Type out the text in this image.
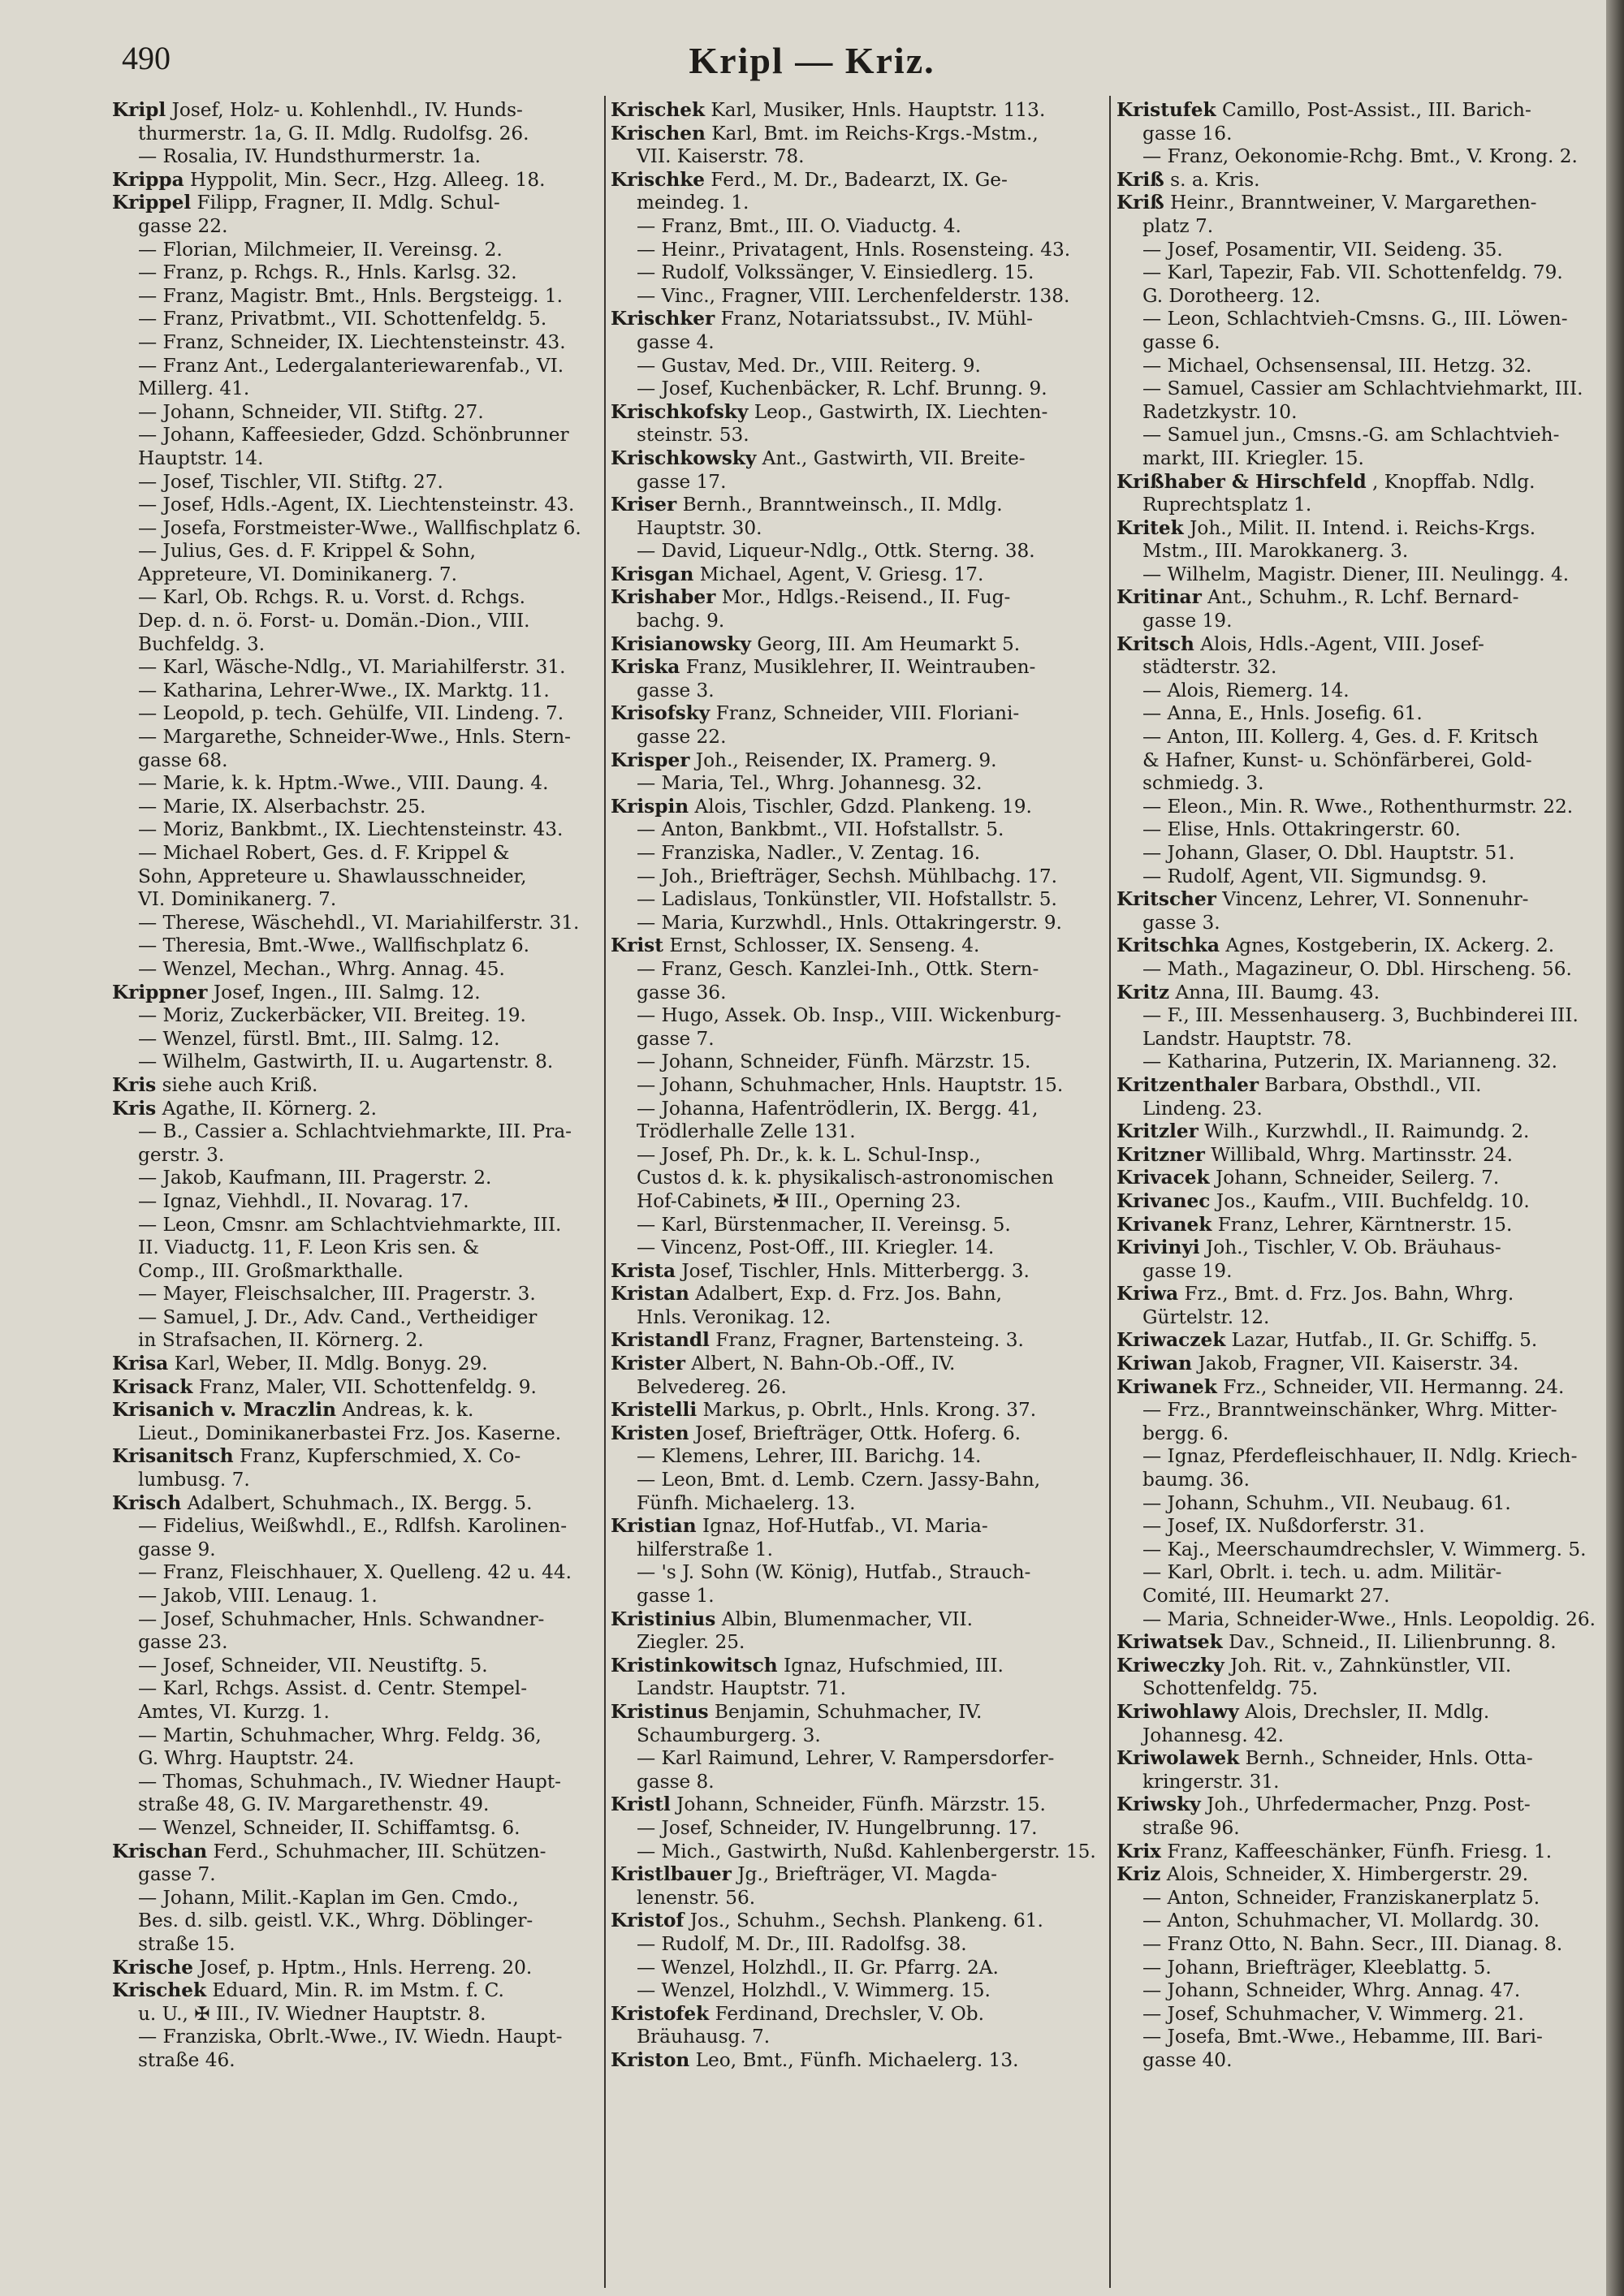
490	Kripl — Kriz.
Kripl Josef, Holz- u. Kohlenhdl., IV. Hunds-
thurmerstr. 1a, G. II. Mdlg. Rudolfsg. 26.
— Rosalia, IV. Hundsthurmerstr. 1a.
Krippa Hyppolit, Min. Secr., Hzg. Alleeg. 18.
Krippel Filipp, Fragner, II. Mdlg. Schul-
gasse 22.
— Florian, Milchmeier, II. Vereinsg. 2.
— Franz, p. Rchgs. R., Hnls. Karlsg. 32.
— Franz, Magistr. Bmt., Hnls. Bergsteigg. 1.
— Franz, Privatbmt., VII. Schottenfeldg. 5.
— Franz, Schneider, IX. Liechtensteinstr. 43.
— Franz Ant., Ledergalanteriewarenfab., VI.
Millerg. 41.
— Johann, Schneider, VII. Stiftg. 27.
— Johann, Kaffeesieder, Gdzd. Schönbrunner
Hauptstr. 14.
— Josef, Tischler, VII. Stiftg. 27.
— Josef, Hdls.-Agent, IX. Liechtensteinstr. 43.
— Josefa, Forstmeister-Wwe., Wallfischplatz 6.
— Julius, Ges. d. F. Krippel & Sohn,
Appreteure, VI. Dominikanerg. 7.
— Karl, Ob. Rchgs. R. u. Vorst. d. Rchgs.
Dep. d. n. ö. Forst- u. Domän.-Dion., VIII.
Buchfeldg. 3.
— Karl, Wäsche-Ndlg., VI. Mariahilferstr. 31.
— Katharina, Lehrer-Wwe., IX. Marktg. 11.
— Leopold, p. tech. Gehülfe, VII. Lindeng. 7.
— Margarethe, Schneider-Wwe., Hnls. Stern-
gasse 68.
— Marie, k. k. Hptm.-Wwe., VIII. Daung. 4.
— Marie, IX. Alserbachstr. 25.
— Moriz, Bankbmt., IX. Liechtensteinstr. 43.
— Michael Robert, Ges. d. F. Krippel &
Sohn, Appreteure u. Shawlausschneider,
VI. Dominikanerg. 7.
— Therese, Wäschehdl., VI. Mariahilferstr. 31.
— Theresia, Bmt.-Wwe., Wallfischplatz 6.
— Wenzel, Mechan., Whrg. Annag. 45.
Krippner Josef, Ingen., III. Salmg. 12.
— Moriz, Zuckerbäcker, VII. Breiteg. 19.
— Wenzel, fürstl. Bmt., III. Salmg. 12.
— Wilhelm, Gastwirth, II. u. Augartenstr. 8.
Kris siehe auch Kriß.
Kris Agathe, II. Körnerg. 2.
— B., Cassier a. Schlachtviehmarkte, III. Pra-
gerstr. 3.
— Jakob, Kaufmann, III. Pragerstr. 2.
— Ignaz, Viehhdl., II. Novarag. 17.
— Leon, Cmsnr. am Schlachtviehmarkte, III.
II. Viaductg. 11, F. Leon Kris sen. &
Comp., III. Großmarkthalle.
— Mayer, Fleischsalcher, III. Pragerstr. 3.
— Samuel, J. Dr., Adv. Cand., Vertheidiger
in Strafsachen, II. Körnerg. 2.
Krisa Karl, Weber, II. Mdlg. Bonyg. 29.
Krisack Franz, Maler, VII. Schottenfeldg. 9.
Krisanich v. Mraczlin Andreas, k. k.
Lieut., Dominikanerbastei Frz. Jos. Kaserne.
Krisanitsch Franz, Kupferschmied, X. Co-
lumbusg. 7.
Krisch Adalbert, Schuhmach., IX. Bergg. 5.
— Fidelius, Weißwhdl., E., Rdlfsh. Karolinen-
gasse 9.
— Franz, Fleischhauer, X. Quelleng. 42 u. 44.
— Jakob, VIII. Lenaug. 1.
— Josef, Schuhmacher, Hnls. Schwandner-
gasse 23.
— Josef, Schneider, VII. Neustiftg. 5.
— Karl, Rchgs. Assist. d. Centr. Stempel-
Amtes, VI. Kurzg. 1.
— Martin, Schuhmacher, Whrg. Feldg. 36,
G. Whrg. Hauptstr. 24.
— Thomas, Schuhmach., IV. Wiedner Haupt-
straße 48, G. IV. Margarethenstr. 49.
— Wenzel, Schneider, II. Schiffamtsg. 6.
Krischan Ferd., Schuhmacher, III. Schützen-
gasse 7.
— Johann, Milit.-Kaplan im Gen. Cmdo.,
Bes. d. silb. geistl. V.K., Whrg. Döblinger-
straße 15.
Krische Josef, p. Hptm., Hnls. Herreng. 20.
Krischek Eduard, Min. R. im Mstm. f. C.
u. U., ✠ III., IV. Wiedner Hauptstr. 8.
— Franziska, Obrlt.-Wwe., IV. Wiedn. Haupt-
straße 46.
Krischek Karl, Musiker, Hnls. Hauptstr. 113.
Krischen Karl, Bmt. im Reichs-Krgs.-Mstm.,
VII. Kaiserstr. 78.
Krischke Ferd., M. Dr., Badearzt, IX. Ge-
meindeg. 1.
— Franz, Bmt., III. O. Viaductg. 4.
— Heinr., Privatagent, Hnls. Rosensteing. 43.
— Rudolf, Volkssänger, V. Einsiedlerg. 15.
— Vinc., Fragner, VIII. Lerchenfelderstr. 138.
Krischker Franz, Notariatssubst., IV. Mühl-
gasse 4.
— Gustav, Med. Dr., VIII. Reiterg. 9.
— Josef, Kuchenbäcker, R. Lchf. Brunng. 9.
Krischkofsky Leop., Gastwirth, IX. Liechten-
steinstr. 53.
Krischkowsky Ant., Gastwirth, VII. Breite-
gasse 17.
Kriser Bernh., Branntweinsch., II. Mdlg.
Hauptstr. 30.
— David, Liqueur-Ndlg., Ottk. Sterng. 38.
Krisgan Michael, Agent, V. Griesg. 17.
Krishaber Mor., Hdlgs.-Reisend., II. Fug-
bachg. 9.
Krisianowsky Georg, III. Am Heumarkt 5.
Kriska Franz, Musiklehrer, II. Weintrauben-
gasse 3.
Krisofsky Franz, Schneider, VIII. Floriani-
gasse 22.
Krisper Joh., Reisender, IX. Pramerg. 9.
— Maria, Tel., Whrg. Johannesg. 32.
Krispin Alois, Tischler, Gdzd. Plankeng. 19.
— Anton, Bankbmt., VII. Hofstallstr. 5.
— Franziska, Nadler., V. Zentag. 16.
— Joh., Briefträger, Sechsh. Mühlbachg. 17.
— Ladislaus, Tonkünstler, VII. Hofstallstr. 5.
— Maria, Kurzwhdl., Hnls. Ottakringerstr. 9.
Krist Ernst, Schlosser, IX. Senseng. 4.
— Franz, Gesch. Kanzlei-Inh., Ottk. Stern-
gasse 36.
— Hugo, Assek. Ob. Insp., VIII. Wickenburg-
gasse 7.
— Johann, Schneider, Fünfh. Märzstr. 15.
— Johann, Schuhmacher, Hnls. Hauptstr. 15.
— Johanna, Hafentrödlerin, IX. Bergg. 41,
Trödlerhalle Zelle 131.
— Josef, Ph. Dr., k. k. L. Schul-Insp.,
Custos d. k. k. physikalisch-astronomischen
Hof-Cabinets, ✠ III., Operning 23.
— Karl, Bürstenmacher, II. Vereinsg. 5.
— Vincenz, Post-Off., III. Kriegler. 14.
Krista Josef, Tischler, Hnls. Mitterbergg. 3.
Kristan Adalbert, Exp. d. Frz. Jos. Bahn,
Hnls. Veronikag. 12.
Kristandl Franz, Fragner, Bartensteing. 3.
Krister Albert, N. Bahn-Ob.-Off., IV.
Belvedereg. 26.
Kristelli Markus, p. Obrlt., Hnls. Krong. 37.
Kristen Josef, Briefträger, Ottk. Hoferg. 6.
— Klemens, Lehrer, III. Barichg. 14.
— Leon, Bmt. d. Lemb. Czern. Jassy-Bahn,
Fünfh. Michaelerg. 13.
Kristian Ignaz, Hof-Hutfab., VI. Maria-
hilferstraße 1.
— 's J. Sohn (W. König), Hutfab., Strauch-
gasse 1.
Kristinius Albin, Blumenmacher, VII.
Ziegler. 25.
Kristinkowitsch Ignaz, Hufschmied, III.
Landstr. Hauptstr. 71.
Kristinus Benjamin, Schuhmacher, IV.
Schaumburgerg. 3.
— Karl Raimund, Lehrer, V. Rampersdorfer-
gasse 8.
Kristl Johann, Schneider, Fünfh. Märzstr. 15.
— Josef, Schneider, IV. Hungelbrunng. 17.
— Mich., Gastwirth, Nußd. Kahlenbergerstr. 15.
Kristlbauer Jg., Briefträger, VI. Magda-
lenenstr. 56.
Kristof Jos., Schuhm., Sechsh. Plankeng. 61.
— Rudolf, M. Dr., III. Radolfsg. 38.
— Wenzel, Holzhdl., II. Gr. Pfarrg. 2A.
— Wenzel, Holzhdl., V. Wimmerg. 15.
Kristofek Ferdinand, Drechsler, V. Ob.
Bräuhausg. 7.
Kriston Leo, Bmt., Fünfh. Michaelerg. 13.
Kristufek Camillo, Post-Assist., III. Barich-
gasse 16.
— Franz, Oekonomie-Rchg. Bmt., V. Krong. 2.
Kriß s. a. Kris.
Kriß Heinr., Branntweiner, V. Margarethen-
platz 7.
— Josef, Posamentir, VII. Seideng. 35.
— Karl, Tapezir, Fab. VII. Schottenfeldg. 79.
G. Dorotheerg. 12.
— Leon, Schlachtvieh-Cmsns. G., III. Löwen-
gasse 6.
— Michael, Ochsensensal, III. Hetzg. 32.
— Samuel, Cassier am Schlachtviehmarkt, III.
Radetzkystr. 10.
— Samuel jun., Cmsns.-G. am Schlachtvieh-
markt, III. Kriegler. 15.
Krißhaber & Hirschfeld , Knopffab. Ndlg.
Ruprechtsplatz 1.
Kritek Joh., Milit. II. Intend. i. Reichs-Krgs.
Mstm., III. Marokkanerg. 3.
— Wilhelm, Magistr. Diener, III. Neulingg. 4.
Kritinar Ant., Schuhm., R. Lchf. Bernard-
gasse 19.
Kritsch Alois, Hdls.-Agent, VIII. Josef-
städterstr. 32.
— Alois, Riemerg. 14.
— Anna, E., Hnls. Josefig. 61.
— Anton, III. Kollerg. 4, Ges. d. F. Kritsch
& Hafner, Kunst- u. Schönfärberei, Gold-
schmiedg. 3.
— Eleon., Min. R. Wwe., Rothenthurmstr. 22.
— Elise, Hnls. Ottakringerstr. 60.
— Johann, Glaser, O. Dbl. Hauptstr. 51.
— Rudolf, Agent, VII. Sigmundsg. 9.
Kritscher Vincenz, Lehrer, VI. Sonnenuhr-
gasse 3.
Kritschka Agnes, Kostgeberin, IX. Ackerg. 2.
— Math., Magazineur, O. Dbl. Hirscheng. 56.
Kritz Anna, III. Baumg. 43.
— F., III. Messenhauserg. 3, Buchbinderei III.
Landstr. Hauptstr. 78.
— Katharina, Putzerin, IX. Marianneng. 32.
Kritzenthaler Barbara, Obsthdl., VII.
Lindeng. 23.
Kritzler Wilh., Kurzwhdl., II. Raimundg. 2.
Kritzner Willibald, Whrg. Martinsstr. 24.
Krivacek Johann, Schneider, Seilerg. 7.
Krivanec Jos., Kaufm., VIII. Buchfeldg. 10.
Krivanek Franz, Lehrer, Kärntnerstr. 15.
Krivinyi Joh., Tischler, V. Ob. Bräuhaus-
gasse 19.
Kriwa Frz., Bmt. d. Frz. Jos. Bahn, Whrg.
Gürtelstr. 12.
Kriwaczek Lazar, Hutfab., II. Gr. Schiffg. 5.
Kriwan Jakob, Fragner, VII. Kaiserstr. 34.
Kriwanek Frz., Schneider, VII. Hermanng. 24.
— Frz., Branntweinschänker, Whrg. Mitter-
bergg. 6.
— Ignaz, Pferdefleischhauer, II. Ndlg. Kriech-
baumg. 36.
— Johann, Schuhm., VII. Neubaug. 61.
— Josef, IX. Nußdorferstr. 31.
— Kaj., Meerschaumdrechsler, V. Wimmerg. 5.
— Karl, Obrlt. i. tech. u. adm. Militär-
Comité, III. Heumarkt 27.
— Maria, Schneider-Wwe., Hnls. Leopoldig. 26.
Kriwatsek Dav., Schneid., II. Lilienbrunng. 8.
Kriweczky Joh. Rit. v., Zahnkünstler, VII.
Schottenfeldg. 75.
Kriwohlawy Alois, Drechsler, II. Mdlg.
Johannesg. 42.
Kriwolawek Bernh., Schneider, Hnls. Otta-
kringerstr. 31.
Kriwsky Joh., Uhrfedermacher, Pnzg. Post-
straße 96.
Krix Franz, Kaffeeschänker, Fünfh. Friesg. 1.
Kriz Alois, Schneider, X. Himbergerstr. 29.
— Anton, Schneider, Franziskanerplatz 5.
— Anton, Schuhmacher, VI. Mollardg. 30.
— Franz Otto, N. Bahn. Secr., III. Dianag. 8.
— Johann, Briefträger, Kleeblattg. 5.
— Johann, Schneider, Whrg. Annag. 47.
— Josef, Schuhmacher, V. Wimmerg. 21.
— Josefa, Bmt.-Wwe., Hebamme, III. Bari-
gasse 40.
